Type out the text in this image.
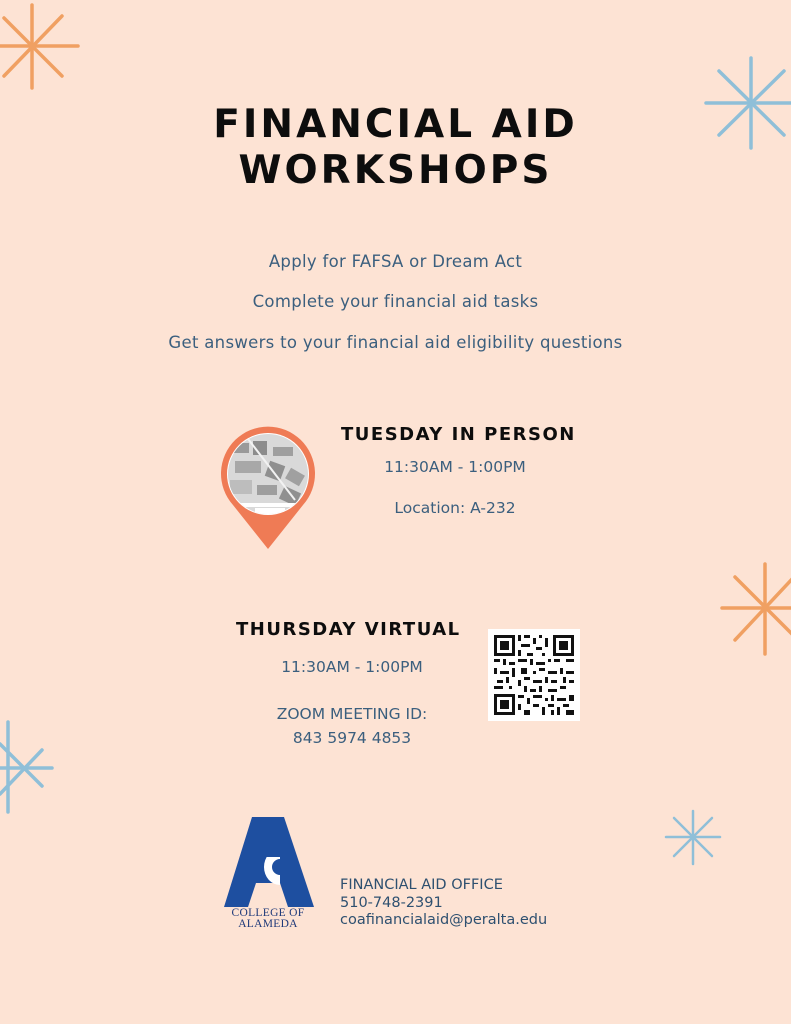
FINANCIAL AID
WORKSHOPS
Apply for FAFSA or Dream Act
Complete your financial aid tasks
Get answers to your financial aid eligibility questions
TUESDAY IN PERSON
11:30AM - 1:00PM
Location: A-232
THURSDAY VIRTUAL
11:30AM - 1:00PM
ZOOM MEETING ID:
843 5974 4853
COLLEGE OF
ALAMEDA
FINANCIAL AID OFFICE
510-748-2391
coafinancialaid@peralta.edu
